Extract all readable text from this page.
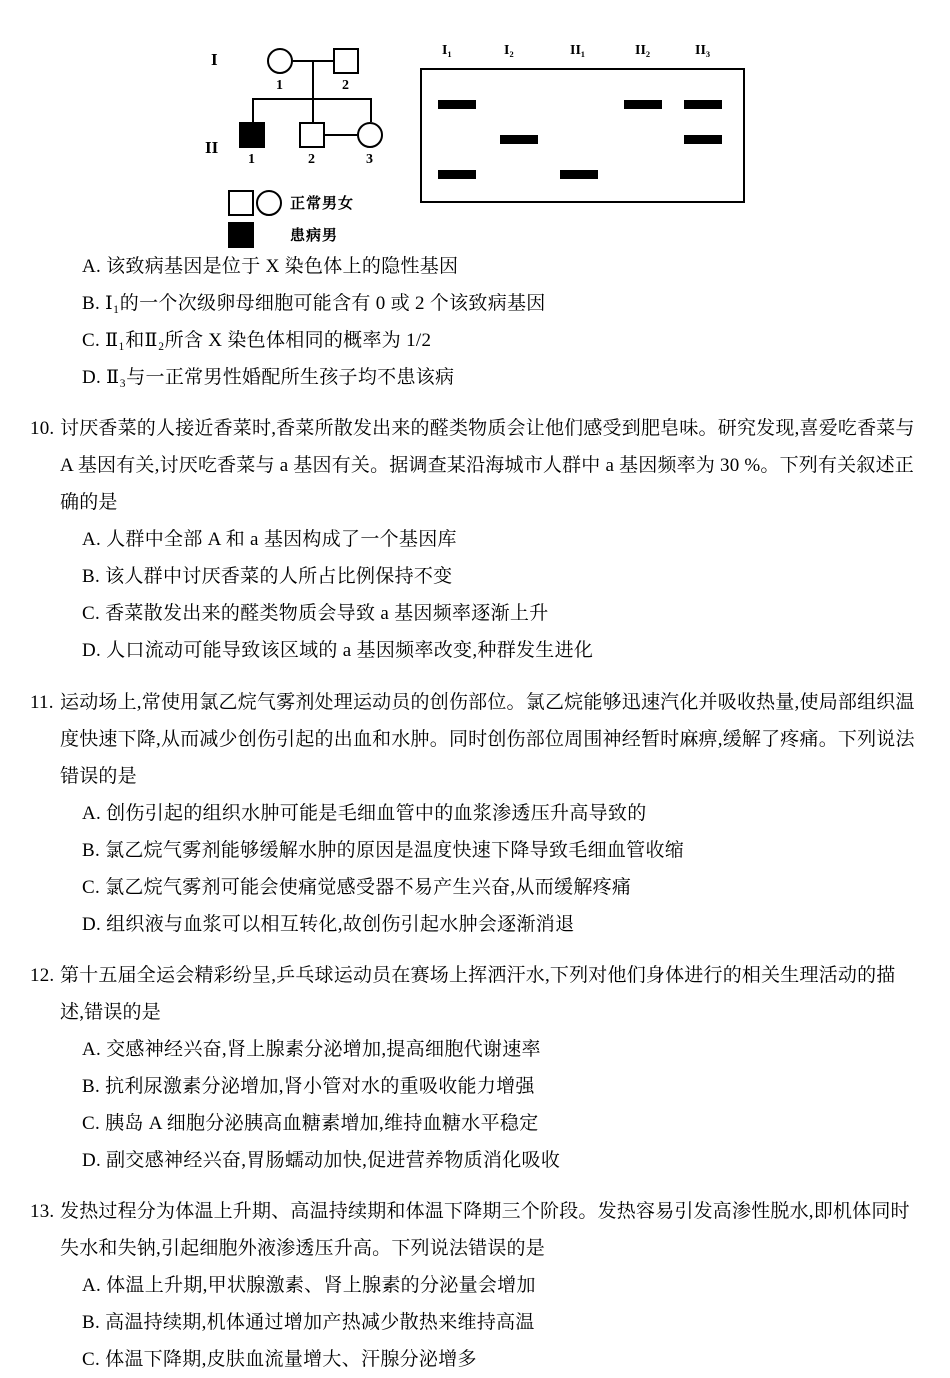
I
II
1	2
1	2	3
正常男女
患病男
I₁	I₂	II₁	II₂	II₃
A. 该致病基因是位于 X 染色体上的隐性基因
B. Ⅰ₁的一个次级卵母细胞可能含有 0 或 2 个该致病基因
C. Ⅱ₁和Ⅱ₂所含 X 染色体相同的概率为 1/2
D. Ⅱ₃与一正常男性婚配所生孩子均不患该病
10. 讨厌香菜的人接近香菜时,香菜所散发出来的醛类物质会让他们感受到肥皂味。研究发现,喜爱吃香菜与 A 基因有关,讨厌吃香菜与 a 基因有关。据调查某沿海城市人群中 a 基因频率为 30 %。下列有关叙述正确的是
A. 人群中全部 A 和 a 基因构成了一个基因库
B. 该人群中讨厌香菜的人所占比例保持不变
C. 香菜散发出来的醛类物质会导致 a 基因频率逐渐上升
D. 人口流动可能导致该区域的 a 基因频率改变,种群发生进化
11. 运动场上,常使用氯乙烷气雾剂处理运动员的创伤部位。氯乙烷能够迅速汽化并吸收热量,使局部组织温度快速下降,从而减少创伤引起的出血和水肿。同时创伤部位周围神经暂时麻痹,缓解了疼痛。下列说法错误的是
A. 创伤引起的组织水肿可能是毛细血管中的血浆渗透压升高导致的
B. 氯乙烷气雾剂能够缓解水肿的原因是温度快速下降导致毛细血管收缩
C. 氯乙烷气雾剂可能会使痛觉感受器不易产生兴奋,从而缓解疼痛
D. 组织液与血浆可以相互转化,故创伤引起水肿会逐渐消退
12. 第十五届全运会精彩纷呈,乒乓球运动员在赛场上挥洒汗水,下列对他们身体进行的相关生理活动的描述,错误的是
A. 交感神经兴奋,肾上腺素分泌增加,提高细胞代谢速率
B. 抗利尿激素分泌增加,肾小管对水的重吸收能力增强
C. 胰岛 A 细胞分泌胰高血糖素增加,维持血糖水平稳定
D. 副交感神经兴奋,胃肠蠕动加快,促进营养物质消化吸收
13. 发热过程分为体温上升期、高温持续期和体温下降期三个阶段。发热容易引发高渗性脱水,即机体同时失水和失钠,引起细胞外液渗透压升高。下列说法错误的是
A. 体温上升期,甲状腺激素、肾上腺素的分泌量会增加
B. 高温持续期,机体通过增加产热减少散热来维持高温
C. 体温下降期,皮肤血流量增大、汗腺分泌增多
